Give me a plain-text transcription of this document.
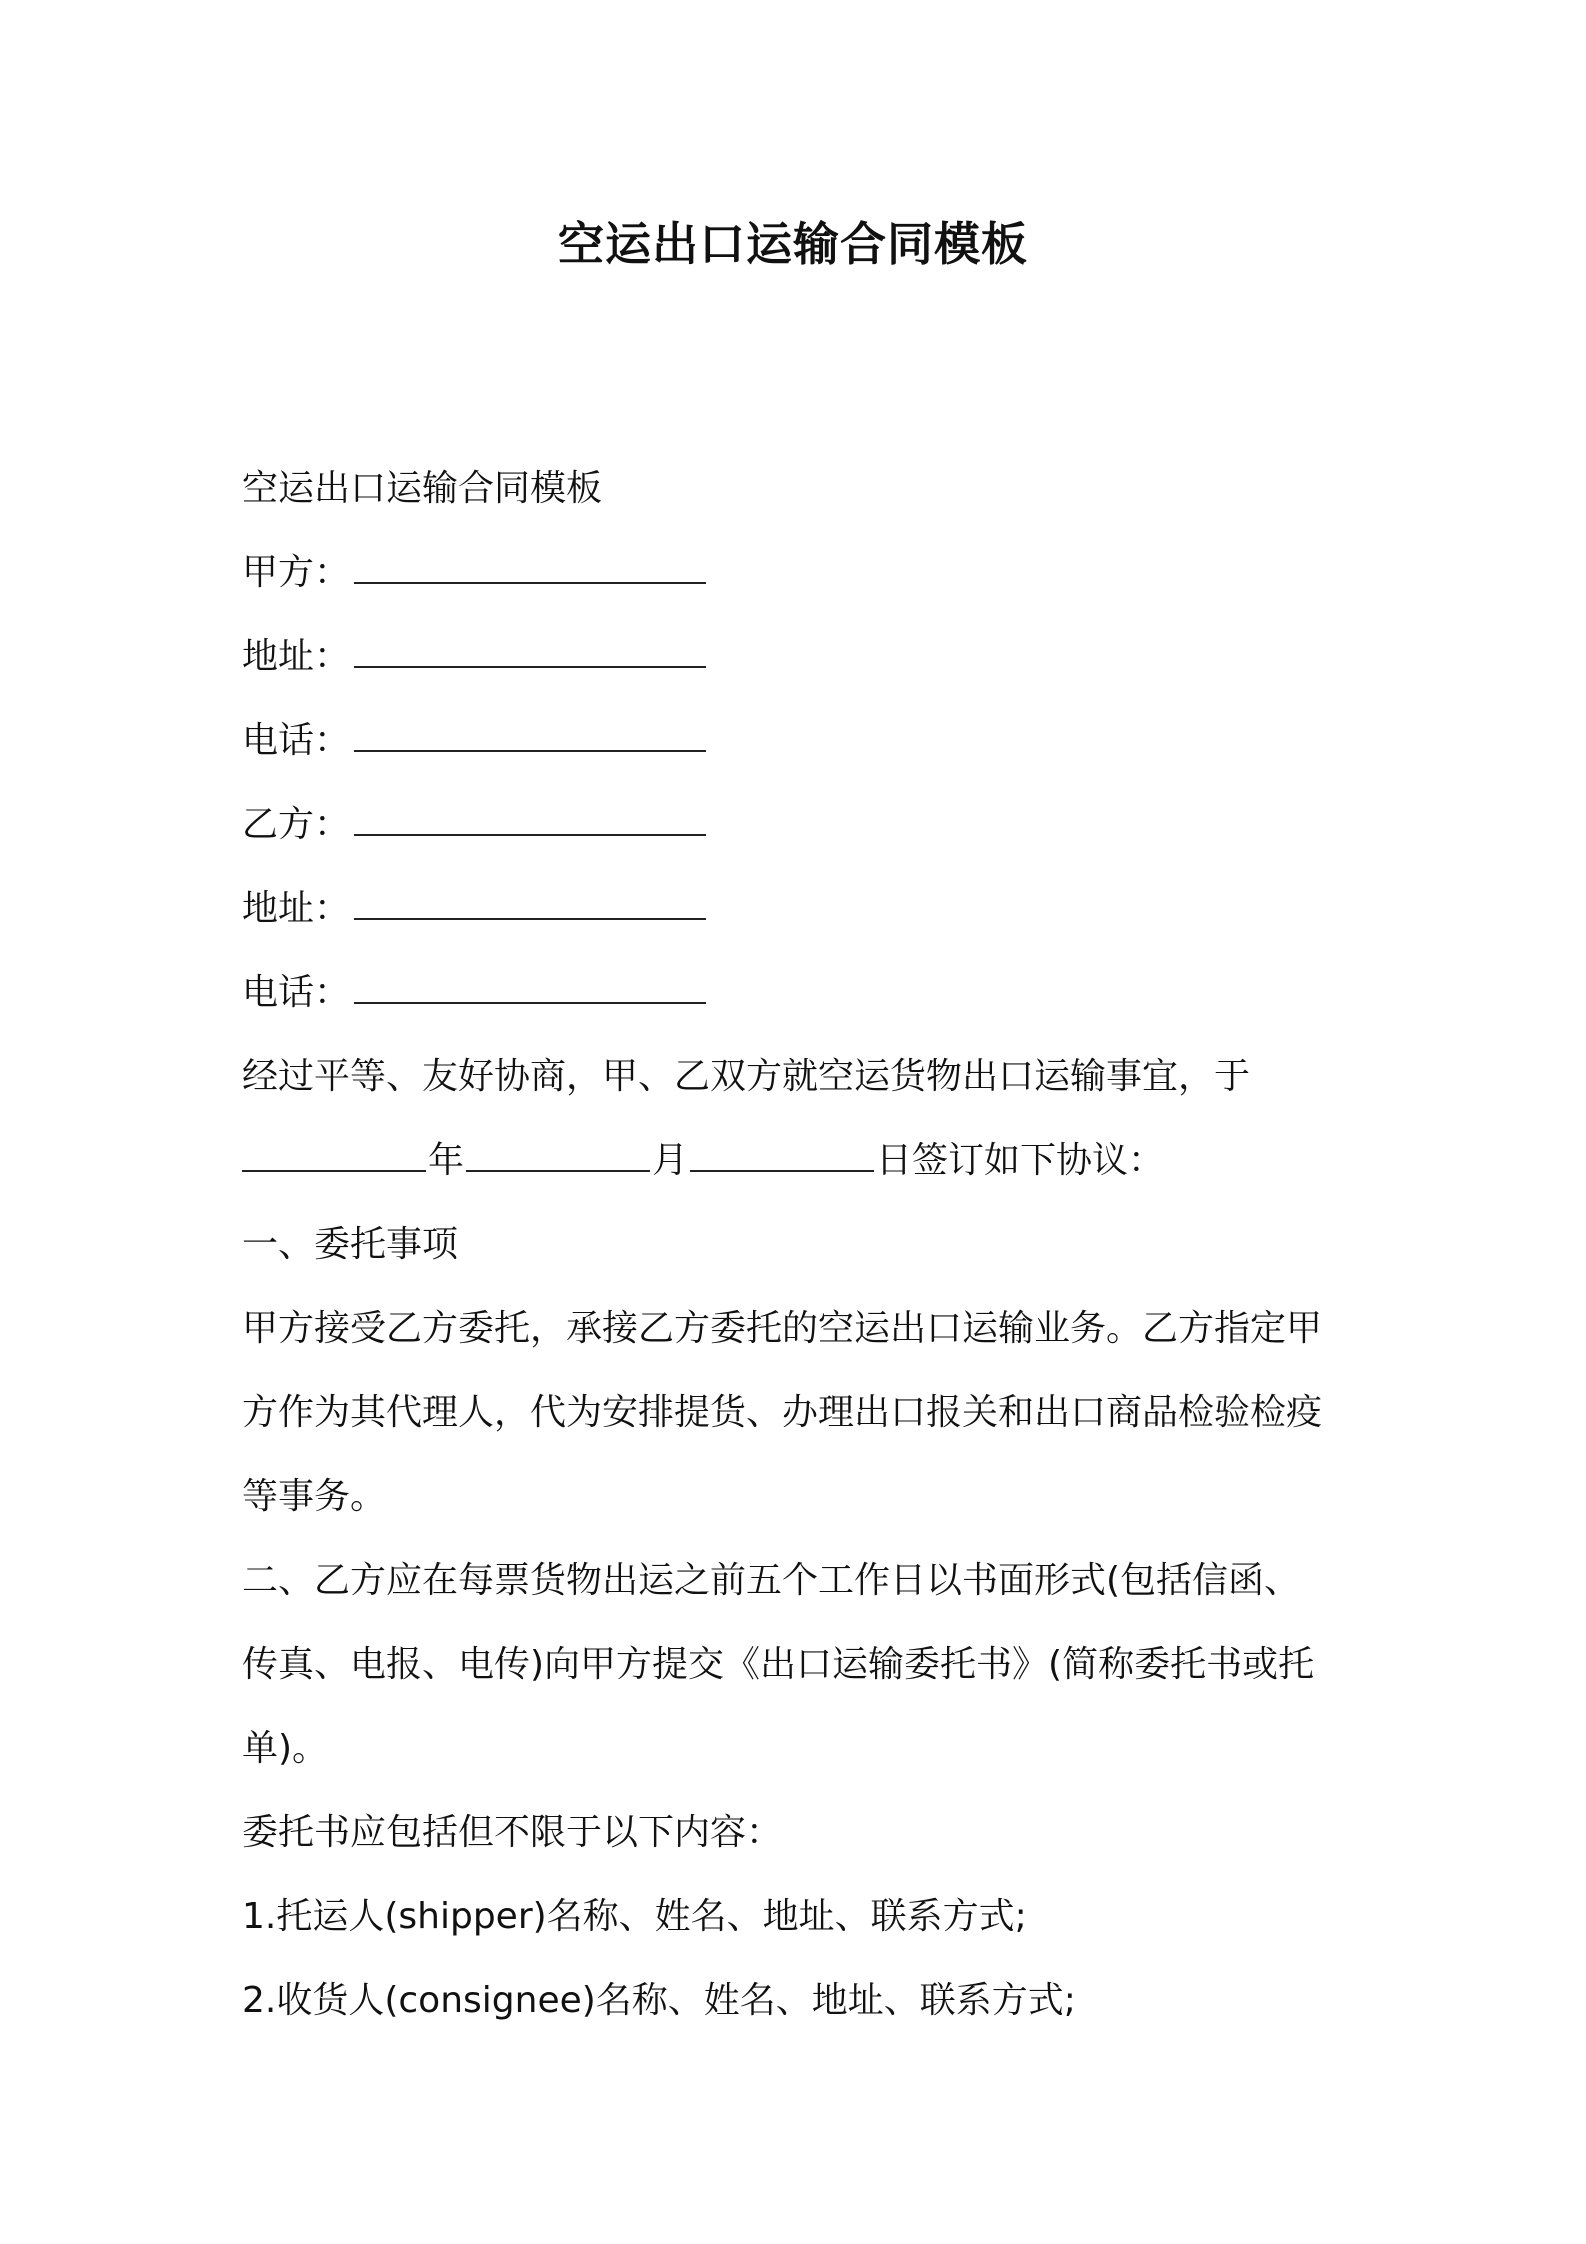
空运出口运输合同模板
空运出口运输合同模板
甲方：
地址：
电话：
乙方：
地址：
电话：
经过平等、友好协商，甲、乙双方就空运货物出口运输事宜，于
年	月	日签订如下协议：
一、委托事项
甲方接受乙方委托，承接乙方委托的空运出口运输业务。乙方指定甲
方作为其代理人，代为安排提货、办理出口报关和出口商品检验检疫
等事务。
二、乙方应在每票货物出运之前五个工作日以书面形式(包括信函、
传真、电报、电传)向甲方提交《出口运输委托书》(简称委托书或托
单)。
委托书应包括但不限于以下内容：
1.托运人(shipper)名称、姓名、地址、联系方式;
2.收货人(consignee)名称、姓名、地址、联系方式;
